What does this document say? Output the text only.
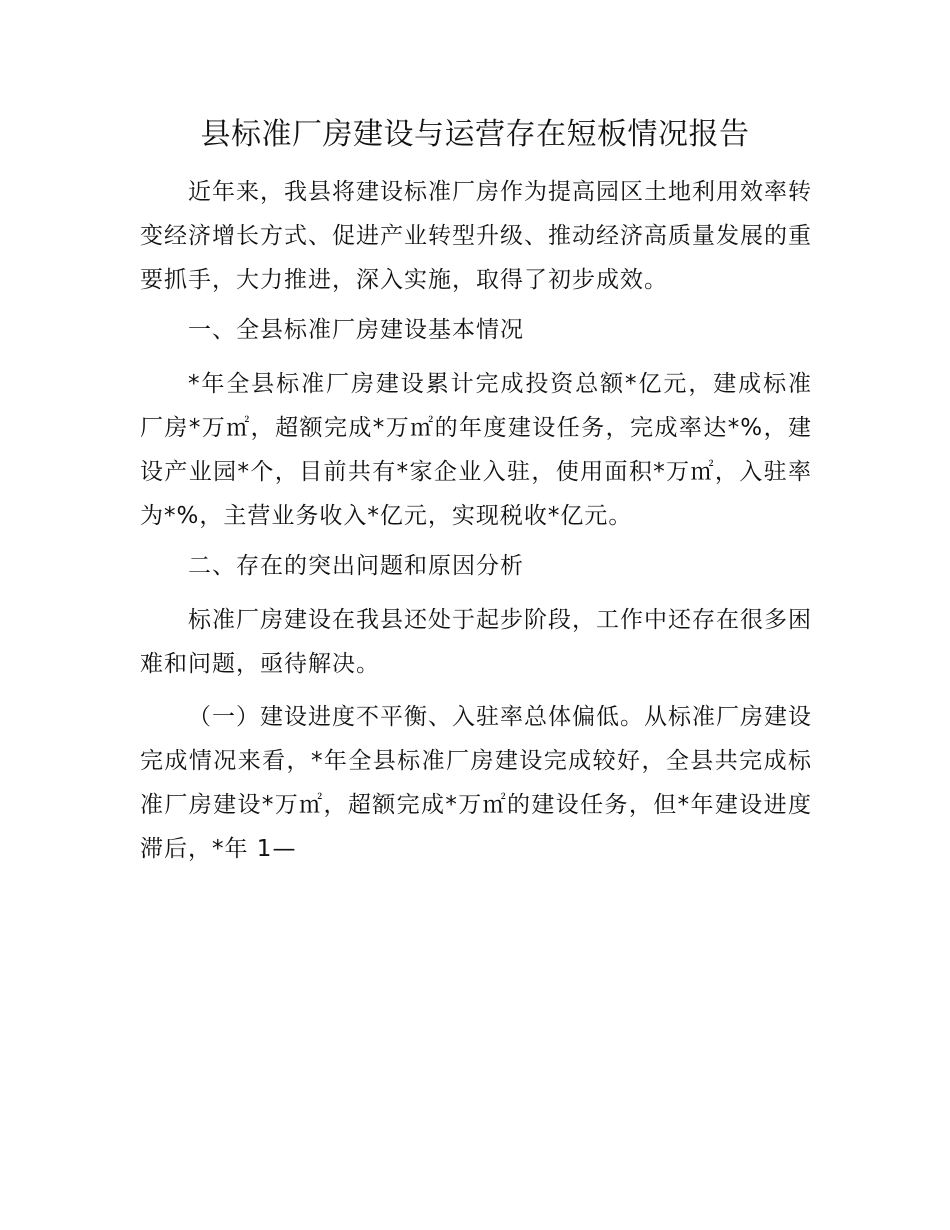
县标准厂房建设与运营存在短板情况报告

近年来，我县将建设标准厂房作为提高园区土地利用效率转变经济增长方式、促进产业转型升级、推动经济高质量发展的重要抓手，大力推进，深入实施，取得了初步成效。

一、全县标准厂房建设基本情况

*年全县标准厂房建设累计完成投资总额*亿元，建成标准厂房*万㎡，超额完成*万㎡的年度建设任务，完成率达*%，建设产业园*个，目前共有*家企业入驻，使用面积*万㎡，入驻率为*%，主营业务收入*亿元，实现税收*亿元。

二、存在的突出问题和原因分析

标准厂房建设在我县还处于起步阶段，工作中还存在很多困难和问题，亟待解决。

（一）建设进度不平衡、入驻率总体偏低。从标准厂房建设完成情况来看，*年全县标准厂房建设完成较好，全县共完成标准厂房建设*万㎡，超额完成*万㎡的建设任务，但*年建设进度滞后，*年 1—
